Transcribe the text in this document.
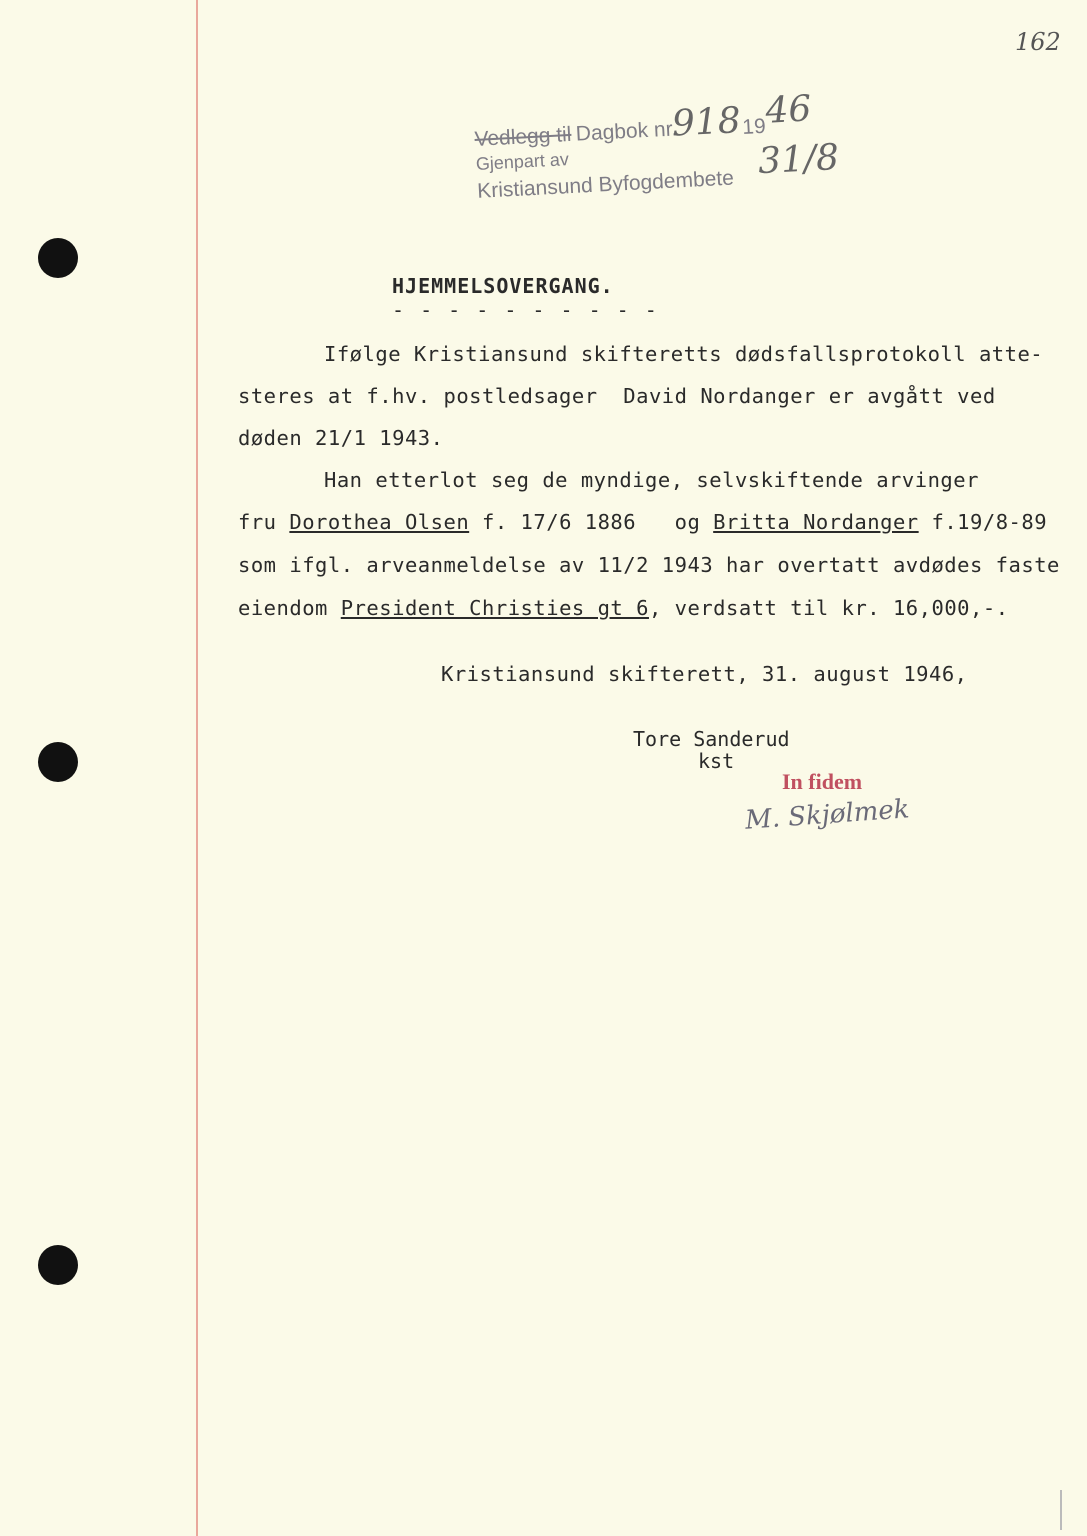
162
Vedlegg til Dagbok nr.
918 19
46
Gjenpart av
Kristiansund Byfogdembete
31/8
HJEMMELSOVERGANG.
- - - - - - - - - -
Ifølge Kristiansund skifteretts dødsfallsprotokoll atte-
steres at f.hv. postledsager  David Nordanger er avgått ved
døden 21/1 1943.
Han etterlot seg de myndige, selvskiftende arvinger
fru Dorothea Olsen f. 17/6 1886   og Britta Nordanger f.19/8-89
som ifgl. arveanmeldelse av 11/2 1943 har overtatt avdødes faste
eiendom President Christies gt 6, verdsatt til kr. 16,000,-.
Kristiansund skifterett, 31. august 1946,
Tore Sanderud
kst
In fidem
M. Skjølmek
